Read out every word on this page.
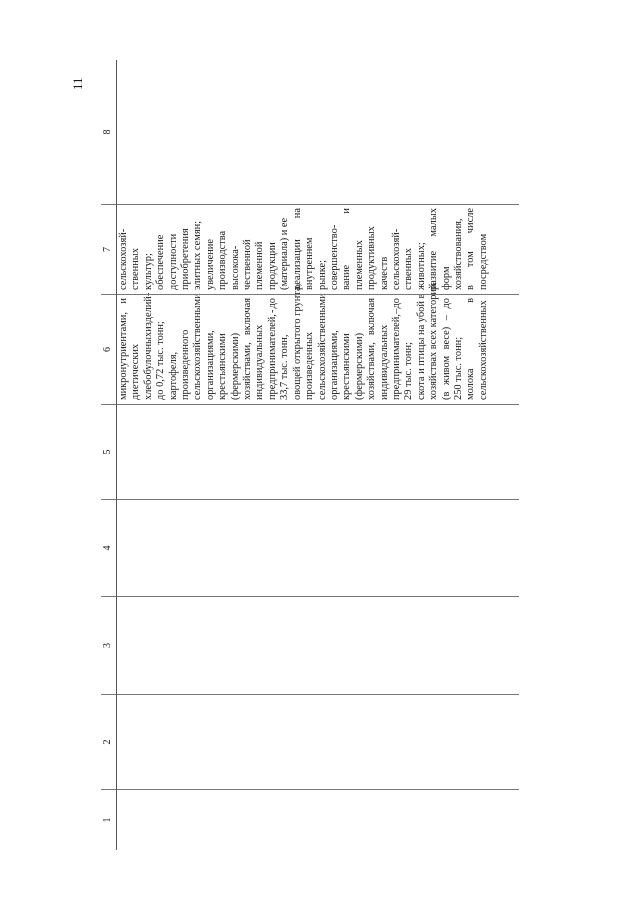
11
1
2
3
4
5
6
7
8
микронутриентами,
и
диетических хлебобулочных
изделий
-
до 0,72 тыс. тонн; картофеля, произведенного сельскохозяйственными организациями, крестьянскими (фермерскими) хозяйствами,
включая
индивидуальных предпринимателей,
-
до
33,7 тыс. тонн, овощей открытого грунта, произведенных сельскохозяйственными организациями, крестьянскими (фермерскими) хозяйствами,
включая
индивидуальных предпринимателей,
–
до
29 тыс. тонн; скота и птицы на убой в хозяйствах всех категорий (в
живом
весе)
–
до
250 тыс. тонн; молока
в сельскохозяйственных
сельскохозяй- ственных культур; обеспечение доступности приобретения элитных семян; увеличение производства высокока- чественной племенной продукции (материала) и ее реализации
на
внутреннем рынке; совершенство- вание
и
племенных продуктивных качеств сельскохозяй- ственных животных; развитие
малых
форм хозяйствования, в
том
числе
посредством
